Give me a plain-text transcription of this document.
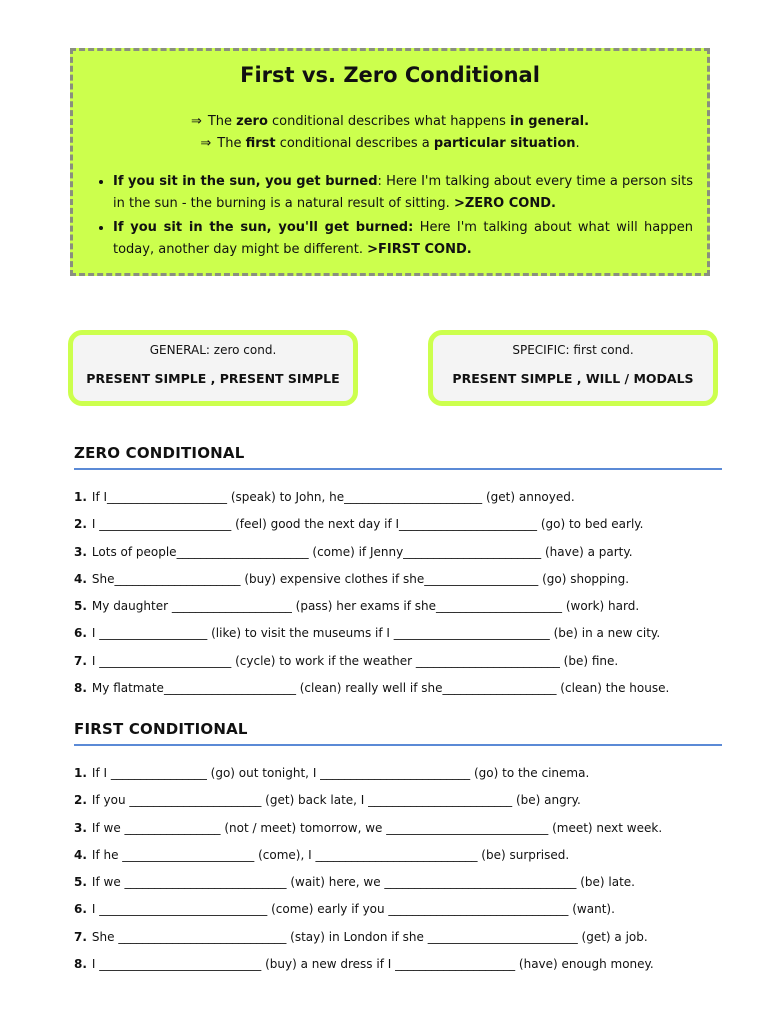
First vs. Zero Conditional
⇒ The zero conditional describes what happens in general.
⇒ The first conditional describes a particular situation.
• If you sit in the sun, you get burned: Here I'm talking about every time a person sits in the sun - the burning is a natural result of sitting. >ZERO COND.
• If you sit in the sun, you'll get burned: Here I'm talking about what will happen today, another day might be different. >FIRST COND.
GENERAL: zero cond.
PRESENT SIMPLE , PRESENT SIMPLE
SPECIFIC: first cond.
PRESENT SIMPLE , WILL / MODALS
ZERO CONDITIONAL
1. If I____________________ (speak) to John, he_______________________ (get) annoyed.
2. I ______________________ (feel) good the next day if I_______________________ (go) to bed early.
3. Lots of people______________________ (come) if Jenny_______________________ (have) a party.
4. She_____________________ (buy) expensive clothes if she___________________ (go) shopping.
5. My daughter ____________________ (pass) her exams if she_____________________ (work) hard.
6. I __________________ (like) to visit the museums if I __________________________ (be) in a new city.
7. I ______________________ (cycle) to work if the weather ________________________ (be) fine.
8. My flatmate______________________ (clean) really well if she___________________ (clean) the house.
FIRST CONDITIONAL
1. If I ________________ (go) out tonight, I _________________________ (go) to the cinema.
2. If you ______________________ (get) back late, I ________________________ (be) angry.
3. If we ________________ (not / meet) tomorrow, we ___________________________ (meet) next week.
4. If he ______________________ (come), I ___________________________ (be) surprised.
5. If we ___________________________ (wait) here, we ________________________________ (be) late.
6. I ____________________________ (come) early if you ______________________________ (want).
7. She ____________________________ (stay) in London if she _________________________ (get) a job.
8. I ___________________________ (buy) a new dress if I ____________________ (have) enough money.
